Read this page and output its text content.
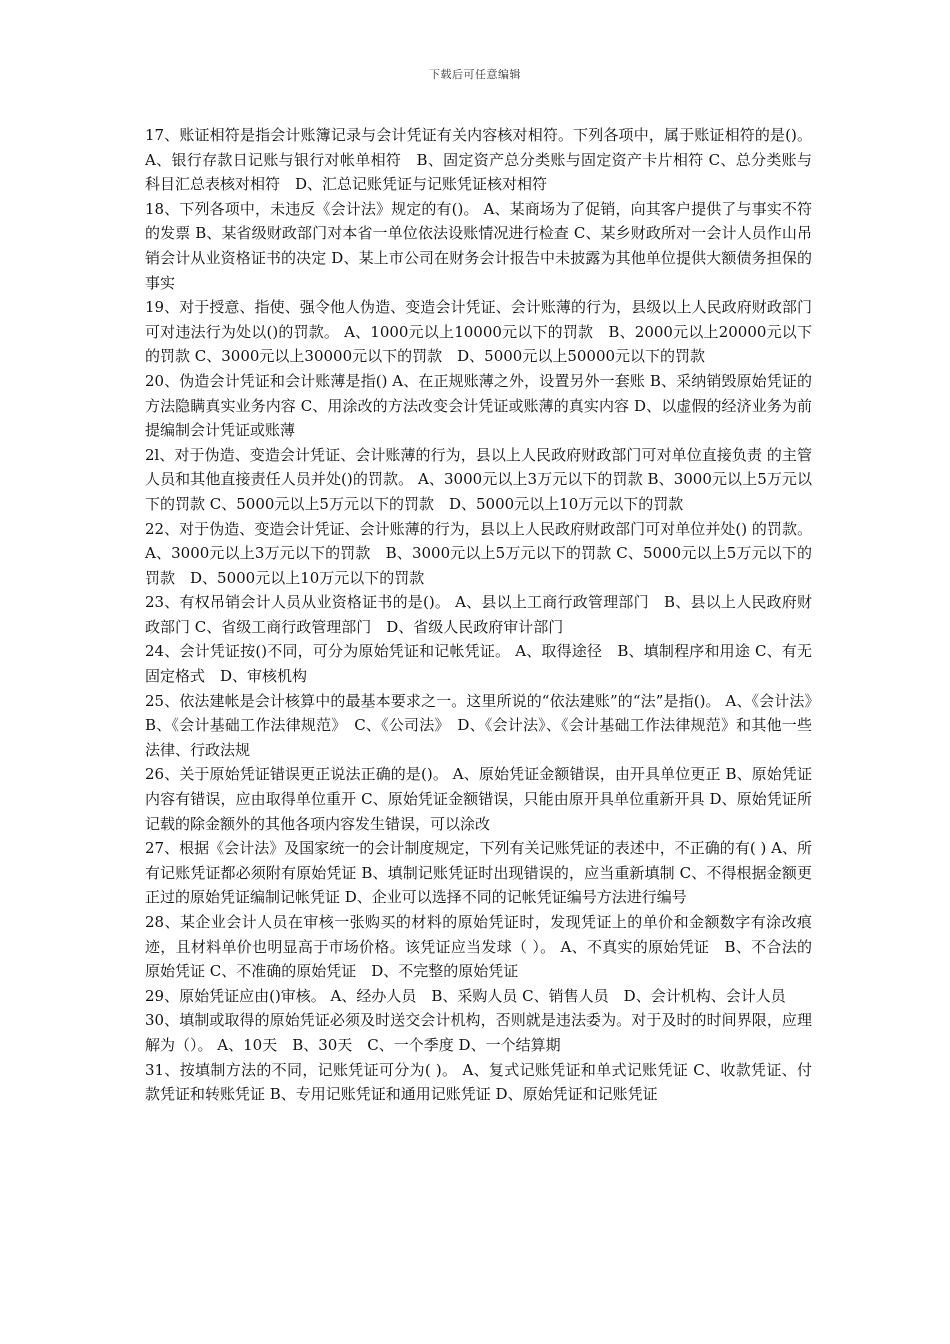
下载后可任意编辑

17、账证相符是指会计账簿记录与会计凭证有关内容核对相符。下列各项中，属于账证相符的是()。 A、银行存款日记账与银行对帐单相符　B、固定资产总分类账与固定资产卡片相符 C、总分类账与科目汇总表核对相符　D、汇总记账凭证与记账凭证核对相符

18、下列各项中，未违反《会计法》规定的有()。 A、某商场为了促销，向其客户提供了与事实不符的发票 B、某省级财政部门对本省一单位依法设账情况进行检查 C、某乡财政所对一会计人员作山吊销会计从业资格证书的决定 D、某上市公司在财务会计报告中未披露为其他单位提供大额债务担保的事实

19、对于授意、指使、强令他人伪造、变造会计凭证、会计账薄的行为，县级以上人民政府财政部门可对违法行为处以()的罚款。 A、1000元以上10000元以下的罚款　B、2000元以上20000元以下的罚款 C、3000元以上30000元以下的罚款　D、5000元以上50000元以下的罚款

20、伪造会计凭证和会计账薄是指() A、在正规账薄之外，设置另外一套账 B、采纳销毁原始凭证的方法隐瞒真实业务内容 C、用涂改的方法改变会计凭证或账薄的真实内容 D、以虚假的经济业务为前提编制会计凭证或账薄

2l、对于伪造、变造会计凭证、会计账薄的行为，县以上人民政府财政部门可对单位直接负责 的主管人员和其他直接责任人员并处()的罚款。 A、3000元以上3万元以下的罚款 B、3000元以上5万元以下的罚款 C、5000元以上5万元以下的罚款　D、5000元以上10万元以下的罚款

22、对于伪造、变造会计凭证、会计账薄的行为，县以上人民政府财政部门可对单位并处() 的罚款。 A、3000元以上3万元以下的罚款　B、3000元以上5万元以下的罚款 C、5000元以上5万元以下的罚款　D、5000元以上10万元以下的罚款

23、有权吊销会计人员从业资格证书的是()。 A、县以上工商行政管理部门　B、县以上人民政府财政部门 C、省级工商行政管理部门　D、省级人民政府审计部门

24、会计凭证按()不同，可分为原始凭证和记帐凭证。 A、取得途径　B、填制程序和用途 C、有无固定格式　D、审核机构

25、依法建帐是会计核算中的最基本要求之一。这里所说的“依法建账”的“法”是指()。 A、《会计法》　B、《会计基础工作法律规范》　C、《公司法》　D、《会计法》、《会计基础工作法律规范》和其他一些法律、行政法规

26、关于原始凭证错误更正说法正确的是()。 A、原始凭证金额错误，由开具单位更正 B、原始凭证内容有错误，应由取得单位重开 C、原始凭证金额错误，只能由原开具单位重新开具 D、原始凭证所记载的除金额外的其他各项内容发生错误，可以涂改

27、根据《会计法》及国家统一的会计制度规定，下列有关记账凭证的表述中，不正确的有( ) A、所有记账凭证都必须附有原始凭证 B、填制记账凭证时出现错误的，应当重新填制 C、不得根据金额更正过的原始凭证编制记帐凭证 D、企业可以选择不同的记帐凭证编号方法进行编号

28、某企业会计人员在审核一张购买的材料的原始凭证时，发现凭证上的单价和金额数字有涂改痕迹，且材料单价也明显高于市场价格。该凭证应当发球（ ）。 A、不真实的原始凭证　B、不合法的原始凭证 C、不准确的原始凭证　D、不完整的原始凭证

29、原始凭证应由()审核。 A、经办人员　B、采购人员 C、销售人员　D、会计机构、会计人员

30、填制或取得的原始凭证必须及时送交会计机构，否则就是违法委为。对于及时的时间界限，应理解为（）。 A、10天　B、30天　C、一个季度 D、一个结算期

31、按填制方法的不同，记账凭证可分为( )。 A、复式记账凭证和单式记账凭证 C、收款凭证、付款凭证和转账凭证 B、专用记账凭证和通用记账凭证 D、原始凭证和记账凭证
